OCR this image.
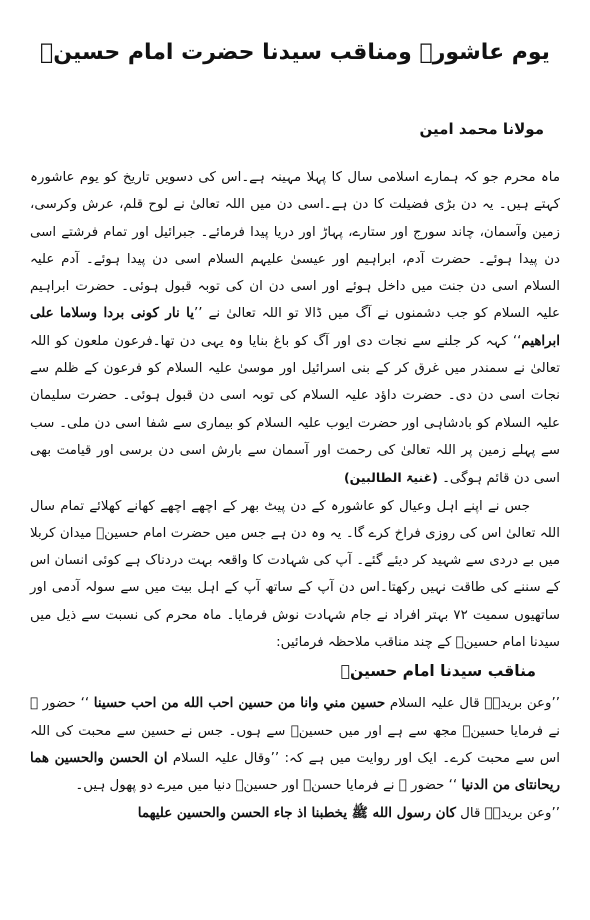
یوم عاشورہ ومناقب سیدنا حضرت امام حسینؓ
مولانا محمد امین

ماہ محرم جو کہ ہمارے اسلامی سال کا پہلا مہینہ ہے۔اس کی دسویں تاریخ کو یوم عاشورہ کہتے ہیں۔ یہ دن بڑی فضیلت کا دن ہے۔اسی دن میں اللہ تعالیٰ نے لوح قلم، عرش وکرسی، زمین وآسمان، چاند سورج اور ستارے، پہاڑ اور دریا پیدا فرمائے۔ جبرائیل اور تمام فرشتے اسی دن پیدا ہوئے۔ حضرت آدم، ابراہیم اور عیسیٰ علیہم السلام اسی دن پیدا ہوئے۔ آدم علیہ السلام اسی دن جنت میں داخل ہوئے اور اسی دن ان کی توبہ قبول ہوئی۔ حضرت ابراہیم علیہ السلام کو جب دشمنوں نے آگ میں ڈالا تو اللہ تعالیٰ نے ’’یا نار کونی بردا وسلاما علی ابراهیم‘‘ کہہ کر جلنے سے نجات دی اور آگ کو باغ بنایا وہ یہی دن تھا۔فرعون ملعون کو اللہ تعالیٰ نے سمندر میں غرق کر کے بنی اسرائیل اور موسیٰ علیہ السلام کو فرعون کے ظلم سے نجات اسی دن دی۔ حضرت داؤد علیہ السلام کی توبہ اسی دن قبول ہوئی۔ حضرت سلیمان علیہ السلام کو بادشاہی اور حضرت ایوب علیہ السلام کو بیماری سے شفا اسی دن ملی۔ سب سے پہلے زمین پر اللہ تعالیٰ کی رحمت اور آسمان سے بارش اسی دن برسی اور قیامت بھی اسی دن قائم ہوگی۔ (غنیۃ الطالبین)

جس نے اپنے اہل وعیال کو عاشورہ کے دن پیٹ بھر کے اچھے اچھے کھانے کھلائے تمام سال اللہ تعالیٰ اس کی روزی فراخ کرے گا۔ یہ وہ دن ہے جس میں حضرت امام حسینؓ میدان کربلا میں بے دردی سے شہید کر دیئے گئے۔ آپ کی شہادت کا واقعہ بہت دردناک ہے کوئی انسان اس کے سننے کی طاقت نہیں رکھتا۔اس دن آپ کے ساتھ آپ کے اہل بیت میں سے سولہ آدمی اور ساتھیوں سمیت ۷۲ بہتر افراد نے جام شہادت نوش فرمایا۔ ماہ محرم کی نسبت سے ذیل میں سیدنا امام حسینؓ کے چند مناقب ملاحظہ فرمائیں:

مناقب سیدنا امام حسینؓ

’’وعن بریدۃؓ قال علیہ السلام حسين مني وانا من حسين احب الله من احب حسينا ‘‘ حضور ﷺ نے فرمایا حسینؓ مجھ سے ہے اور میں حسینؓ سے ہوں۔ جس نے حسین سے محبت کی اللہ اس سے محبت کرے۔ ایک اور روایت میں ہے کہ: ’’وقال علیہ السلام ان الحسن والحسين هما ريحانتای من الدنيا ‘‘ حضور ﷺ نے فرمایا حسنؓ اور حسینؓ دنیا میں میرے دو پھول ہیں۔

’’وعن بریدۃؓ قال كان رسول الله ﷺ يخطبنا اذ جاء الحسن والحسين عليهما
